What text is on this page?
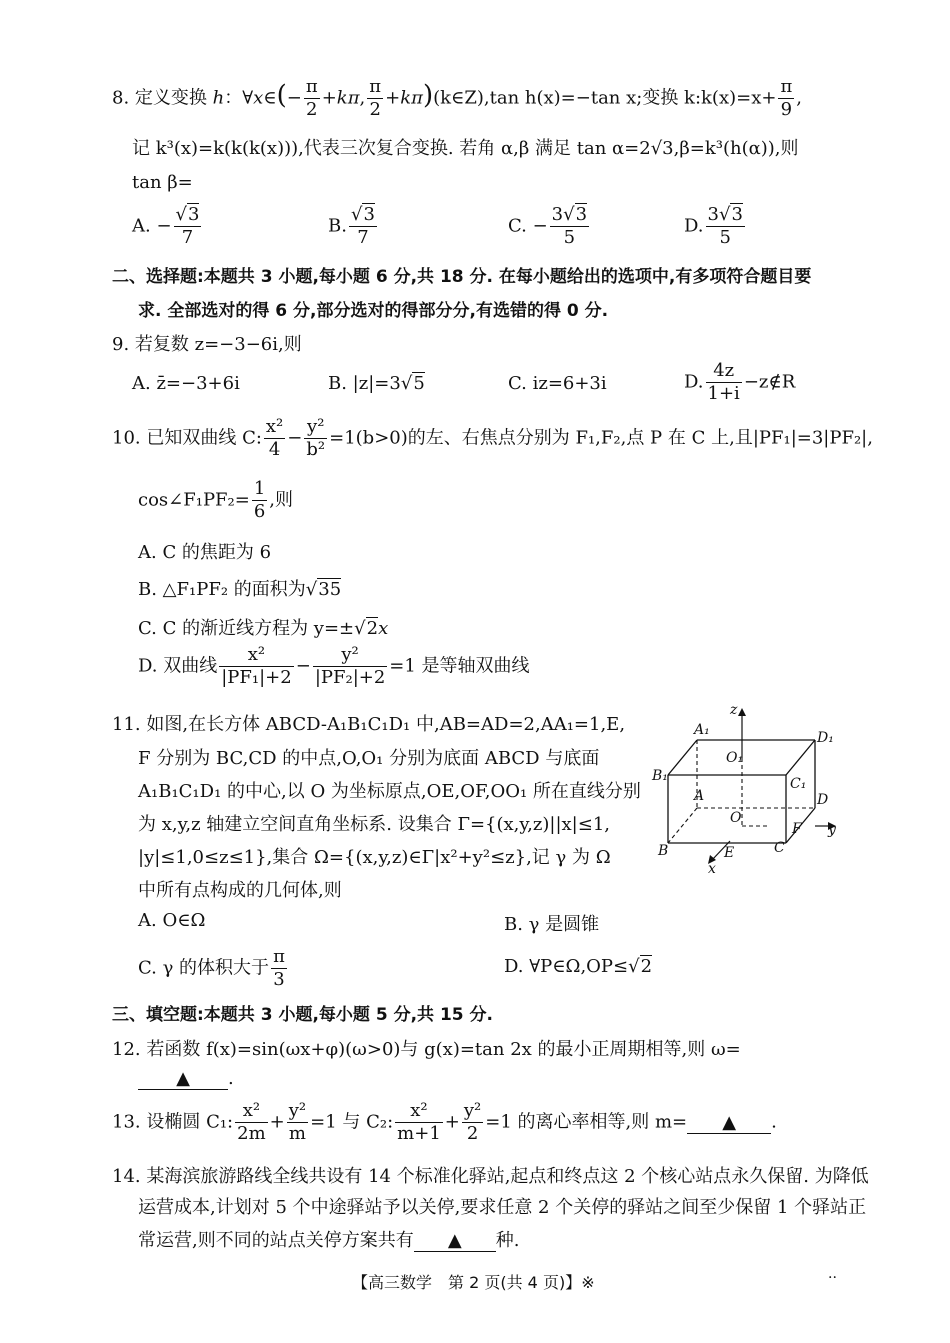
8. 定义变换 h：∀x∈(− $\frac{\pi}{2} +k\pi$, $\frac{\pi}{2}$ +kπ)(k∈Z),tan h(x)=−tan x;变换 k:k(x)=x+ $\frac{\pi}{9}$ ,
记 k³(x)=k(k(k(x))),代表三次复合变换. 若角 α,β 满足 tan α=2√3,β=k³(h(α)),则
tan β=
A. − $\frac{√3}{7}$	B. $\frac{√3}{7}$	C. − $\frac{3√3}{5}$	D. $\frac{3√3}{5}$
二、选择题:本题共 3 小题,每小题 6 分,共 18 分. 在每小题给出的选项中,有多项符合题目要
求. 全部选对的得 6 分,部分选对的得部分分,有选错的得 0 分.
9. 若复数 z=−3−6i,则
A. z̄=−3+6i	B. |z|=3√5	C. iz=6+3i	D. $\frac{4z}{1+i}$ −z∉R
10. 已知双曲线 C: $\frac{\text{x²}}{4} - \frac{\text{y²}}{\text{b²}} =1(b>0)$的左、右焦点分别为 F₁,F₂,点 P 在 C 上,且|PF₁|=3|PF₂|,
cos∠F₁PF₂= $\frac{1}{6}$ ,则
A. C 的焦距为 6
B. △F₁PF₂ 的面积为√35
C. C 的渐近线方程为 y=±√2x
D. 双曲线 $\frac{\text{x²}}{\text{|PF₁|+2}} - \frac{\text{y²}}{\text{|PF₂|+2}} =1$ 是等轴双曲线
11. 如图,在长方体 ABCD-A₁B₁C₁D₁ 中,AB=AD=2,AA₁=1,E,
F 分别为 BC,CD 的中点,O,O₁ 分别为底面 ABCD 与底面
A₁B₁C₁D₁ 的中心,以 O 为坐标原点,OE,OF,OO₁ 所在直线分别
为 x,y,z 轴建立空间直角坐标系. 设集合 Γ={(x,y,z)||x|≤1,
|y|≤1,0≤z≤1},集合 Ω={(x,y,z)∈Γ|x²+y²≤z},记 γ 为 Ω
中所有点构成的几何体,则
z
A₁	D₁
O₁
B₁	C₁
A	D
O
F y
B	E	C
x
A. O∈Ω	B. γ 是圆锥
C. γ 的体积大于 $\frac{\pi}{3}$	D. ∀P∈Ω,OP≤√2
三、填空题:本题共 3 小题,每小题 5 分,共 15 分.
12. 若函数 f(x)=sin(ωx+φ)(ω>0)与 g(x)=tan 2x 的最小正周期相等,则 ω=
▲ .
13. 设椭圆 C₁: $\frac{\text{x²}}{2m} + \frac{\text{y²}}{m} =1$ 与 C₂: $\frac{\text{x²}}{m+1} + \frac{\text{y²}}{2} =1$ 的离心率相等,则 m= ▲ .
14. 某海滨旅游路线全线共设有 14 个标准化驿站,起点和终点这 2 个核心站点永久保留. 为降低
运营成本,计划对 5 个中途驿站予以关停,要求任意 2 个关停的驿站之间至少保留 1 个驿站正
常运营,则不同的站点关停方案共有 ▲ 种.
【高三数学　第 2 页(共 4 页)】※	..
